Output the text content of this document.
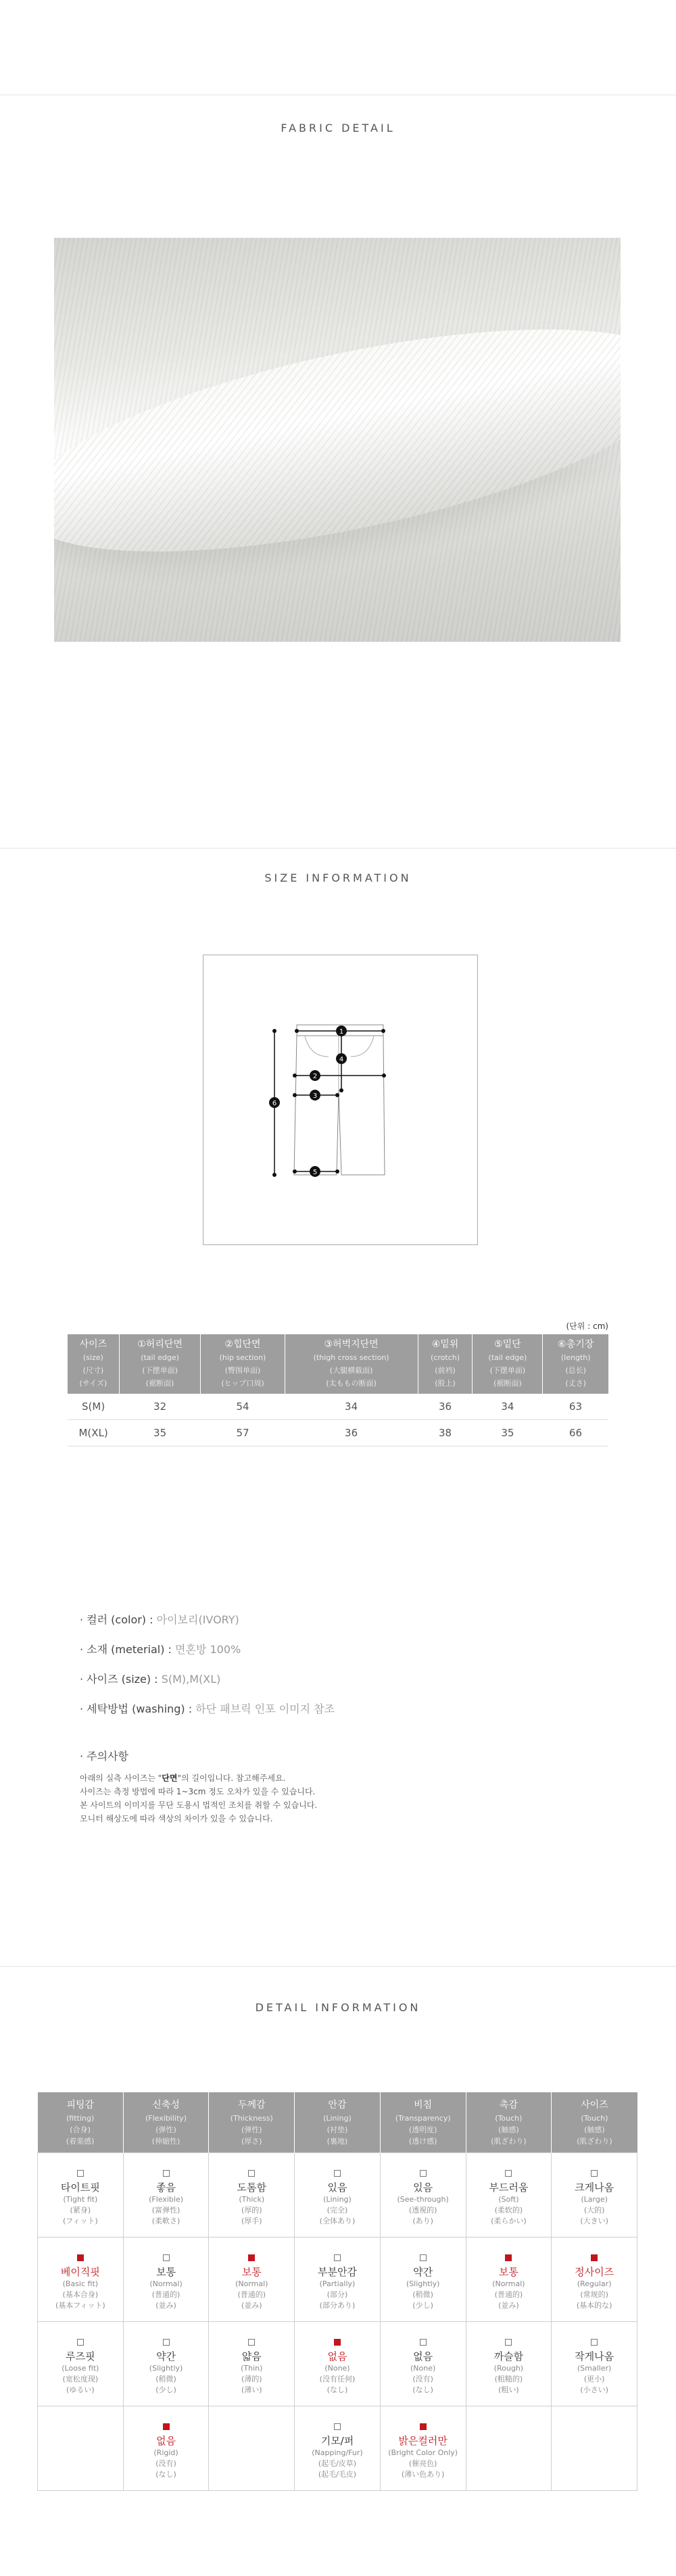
FABRIC DETAIL
SIZE INFORMATION
1
2
3
4
5
6
(단위 : cm)
사이즈
(size)
(尺寸)
(サイズ)	①허리단면
(tail edge)
(下摆单面)
(裾断面)	②힙단면
(hip section)
(臀围单面)
(ヒップ口周)	③허벅지단면
(thigh cross section)
(大腿横截面)
(太ももの断面)	④밑위
(crotch)
(前裆)
(股上)	⑤밑단
(tail edge)
(下摆单面)
(裾断面)	⑥총기장
(length)
(总长)
(丈さ)

S(M)	32	54	34	36	34	63
M(XL)	35	57	36	38	35	66
· 컬러 (color) : 아이보리(IVORY)
· 소재 (meterial) : 면혼방 100%
· 사이즈 (size) : S(M),M(XL)
· 세탁방법 (washing) : 하단 패브릭 인포 이미지 참조
· 주의사항

아래의 실측 사이즈는 "단면"의 길이입니다. 참고해주세요.

사이즈는 측정 방법에 따라 1~3cm 정도 오차가 있을 수 있습니다.

본 사이트의 이미지를 무단 도용시 법적인 조치를 취할 수 있습니다.

모니터 해상도에 따라 색상의 차이가 있을 수 있습니다.

DETAIL INFORMATION
피팅감
(fitting)
(合身)
(着楽感)	신축성
(Flexibility)
(弹性)
(伸縮性)	두께감
(Thickness)
(弹性)
(厚さ)	안감
(Lining)
(衬垫)
(裏地)	비침
(Transparency)
(透明度)
(透け感)	촉감
(Touch)
(触感)
(肌ざわり)	사이즈
(Touch)
(触感)
(肌ざわり)

타이트핏
(Tight fit)
(紧身)
(フィット)	좋음
(Flexible)
(富弹性)
(柔軟さ)	도톰함
(Thick)
(厚的)
(厚手)	있음
(Lining)
(完全)
(全体あり)	있음
(See-through)
(透視的)
(あり)	부드러움
(Soft)
(柔软的)
(柔らかい)	크게나옴
(Large)
(大的)
(大きい)

베이직핏
(Basic fit)
(基本合身)
(基本フィット)	보통
(Normal)
(普通的)
(並み)	보통
(Normal)
(普通的)
(並み)	부분안감
(Partially)
(部分)
(部分あり)	약간
(Slightly)
(稍微)
(少し)	보통
(Normal)
(普通的)
(並み)	정사이즈
(Regular)
(常规的)
(基本的な)

루즈핏
(Loose fit)
(宽松度现)
(ゆるい)	약간
(Slightly)
(稍微)
(少し)	얇음
(Thin)
(薄的)
(薄い)	없음
(None)
(没有任何)
(なし)	없음
(None)
(没有)
(なし)	까슬함
(Rough)
(粗糙的)
(粗い)	작게나옴
(Smaller)
(更小)
(小さい)

	없음
(Rigid)
(没有)
(なし)		기모/퍼
(Napping/Fur)
(起毛/皮草)
(起毛/毛皮)	밝은컬러만
(Bright Color Only)
(催亮色)
(薄い色あり)		
